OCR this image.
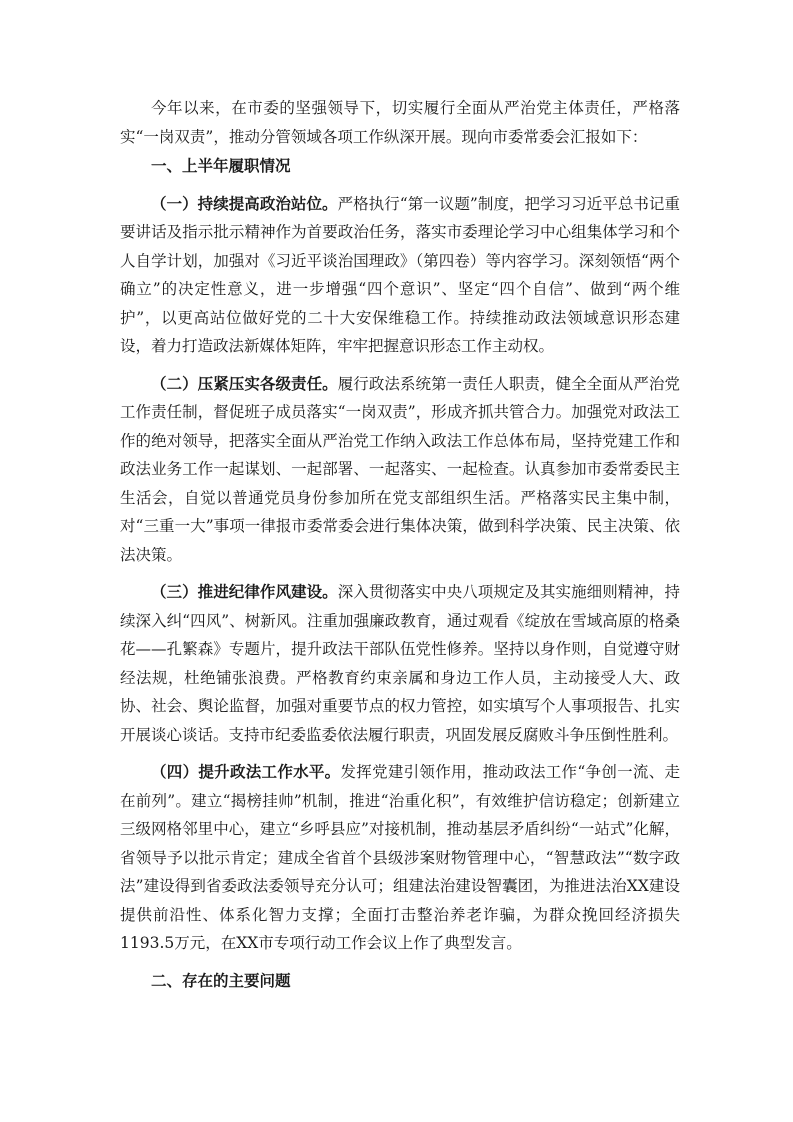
今年以来，在市委的坚强领导下，切实履行全面从严治党主体责任，严格落实“一岗双责”，推动分管领域各项工作纵深开展。现向市委常委会汇报如下：

一、上半年履职情况

（一）持续提高政治站位。严格执行“第一议题”制度，把学习习近平总书记重要讲话及指示批示精神作为首要政治任务，落实市委理论学习中心组集体学习和个人自学计划，加强对《习近平谈治国理政》（第四卷）等内容学习。深刻领悟“两个确立”的决定性意义，进一步增强“四个意识”、坚定“四个自信”、做到“两个维护”，以更高站位做好党的二十大安保维稳工作。持续推动政法领域意识形态建设，着力打造政法新媒体矩阵，牢牢把握意识形态工作主动权。

（二）压紧压实各级责任。履行政法系统第一责任人职责，健全全面从严治党工作责任制，督促班子成员落实“一岗双责”，形成齐抓共管合力。加强党对政法工作的绝对领导，把落实全面从严治党工作纳入政法工作总体布局，坚持党建工作和政法业务工作一起谋划、一起部署、一起落实、一起检查。认真参加市委常委民主生活会，自觉以普通党员身份参加所在党支部组织生活。严格落实民主集中制，对“三重一大”事项一律报市委常委会进行集体决策，做到科学决策、民主决策、依法决策。

（三）推进纪律作风建设。深入贯彻落实中央八项规定及其实施细则精神，持续深入纠“四风”、树新风。注重加强廉政教育，通过观看《绽放在雪域高原的格桑花——孔繁森》专题片，提升政法干部队伍党性修养。坚持以身作则，自觉遵守财经法规，杜绝铺张浪费。严格教育约束亲属和身边工作人员，主动接受人大、政协、社会、舆论监督，加强对重要节点的权力管控，如实填写个人事项报告、扎实开展谈心谈话。支持市纪委监委依法履行职责，巩固发展反腐败斗争压倒性胜利。

（四）提升政法工作水平。发挥党建引领作用，推动政法工作“争创一流、走在前列”。建立“揭榜挂帅”机制，推进“治重化积”，有效维护信访稳定；创新建立三级网格邻里中心，建立“乡呼县应”对接机制，推动基层矛盾纠纷“一站式”化解，省领导予以批示肯定；建成全省首个县级涉案财物管理中心，“智慧政法”“数字政法”建设得到省委政法委领导充分认可；组建法治建设智囊团，为推进法治XX建设提供前沿性、体系化智力支撑；全面打击整治养老诈骗，为群众挽回经济损失1193.5万元，在XX市专项行动工作会议上作了典型发言。

二、存在的主要问题
